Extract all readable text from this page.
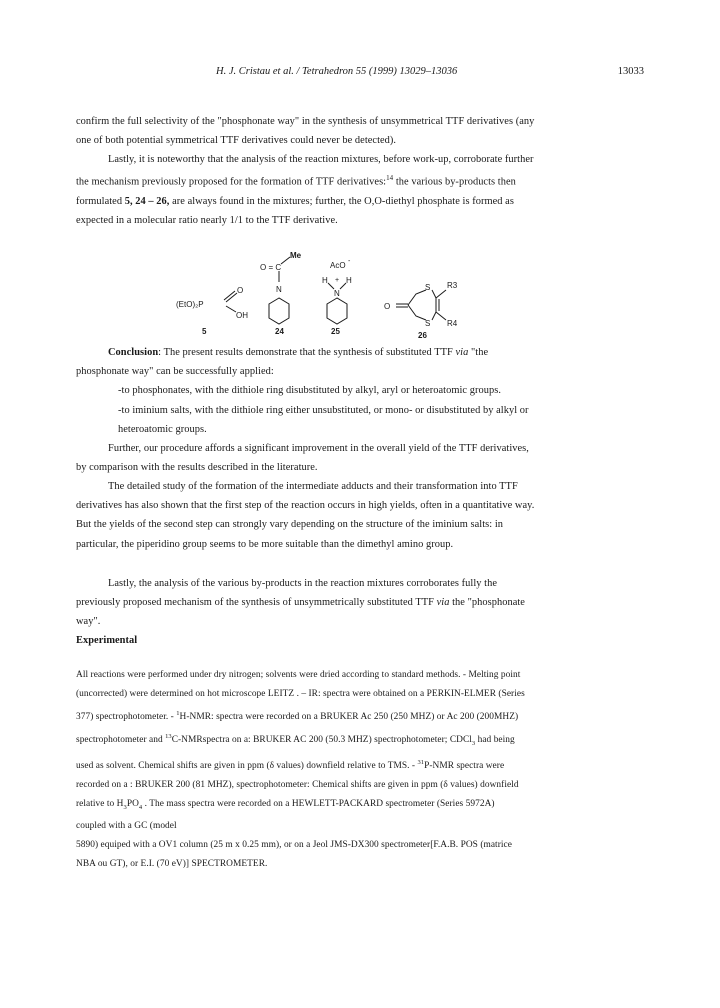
H. J. Cristau et al. / Tetrahedron 55 (1999) 13029–13036	13033

confirm the full selectivity of the "phosphonate way" in the synthesis of unsymmetrical TTF derivatives (any

one of both potential symmetrical TTF derivatives could never be detected).

Lastly, it is noteworthy that the analysis of the reaction mixtures, before work-up, corroborate further

the mechanism previously proposed for the formation of TTF derivatives:$^{14}$ the various by-products then

formulated 5, 24 – 26, are always found in the mixtures; further, the O,O-diethyl phosphate is formed as

expected in a molecular ratio nearly 1/1 to the TTF derivative.

(EtO)₂P
O
OH
5
Me
O = C
N
24
AcO -
H +
N
H
25
O
S
S
R3
R4
26

Conclusion: The present results demonstrate that the synthesis of substituted TTF via "the

phosphonate way" can be successfully applied:

-to phosphonates, with the dithiole ring disubstituted by alkyl, aryl or heteroatomic groups.

-to iminium salts, with the dithiole ring either unsubstituted, or mono- or disubstituted by alkyl or

heteroatomic groups.

Further, our procedure affords a significant improvement in the overall yield of the TTF derivatives,

by comparison with the results described in the literature.

The detailed study of the formation of the intermediate adducts and their transformation into TTF

derivatives has also shown that the first step of the reaction occurs in high yields, often in a quantitative way.

But the yields of the second step can strongly vary depending on the structure of the iminium salts: in

particular, the piperidino group seems to be more suitable than the dimethyl amino group.

Lastly, the analysis of the various by-products in the reaction mixtures corroborates fully the

previously proposed mechanism of the synthesis of unsymmetrically substituted TTF via the "phosphonate

way".

Experimental

All reactions were performed under dry nitrogen; solvents were dried according to standard methods. - Melting point

(uncorrected) were determined on hot microscope LEITZ . – IR: spectra were obtained on a PERKIN-ELMER (Series

377) spectrophotometer. - $^1$H-NMR: spectra were recorded on a BRUKER Ac 250 (250 MHZ) or Ac 200 (200MHZ)

spectrophotometer and $^{13}$C-NMRspectra on a: BRUKER AC 200 (50.3 MHZ) spectrophotometer; CDCl$_3$ had being

used as solvent. Chemical shifts are given in ppm (δ values) downfield relative to TMS. - $^{31}$P-NMR spectra were

recorded on a : BRUKER 200 (81 MHZ), spectrophotometer: Chemical shifts are given in ppm (δ values) downfield

relative to $H_3PO_4$ . The mass spectra were recorded on a HEWLETT-PACKARD spectrometer (Series 5972A)

coupled with a GC (model

5890) equiped with a OV1 column (25 m x 0.25 mm), or on a Jeol JMS-DX300 spectrometer[F.A.B. POS (matrice

NBA ou GT), or E.I. (70 eV)] SPECTROMETER.
